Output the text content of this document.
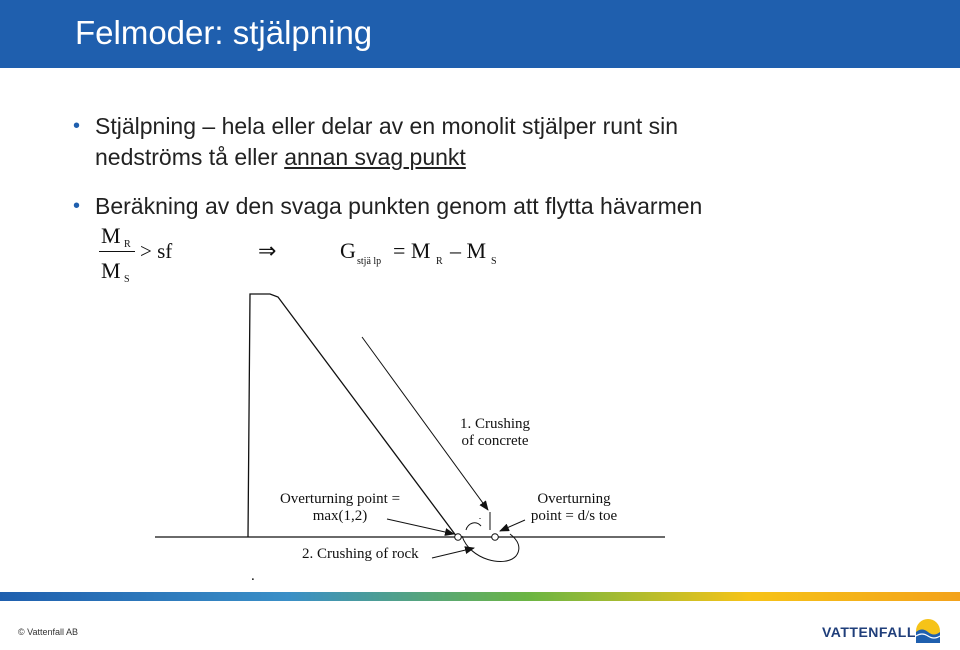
Felmoder: stjälpning
• Stjälpning – hela eller delar av en monolit stjälper runt sin
nedströms tå eller annan svag punkt
• Beräkning av den svaga punkten genom att flytta hävarmen
M R
M S
> sf	⇒	G stjä lp = M R – M S
1. Crushing
of concrete
Overturning point =
max(1,2)
Overturning
point = d/s toe
2. Crushing of rock
.
© Vattenfall AB	VATTENFALL
